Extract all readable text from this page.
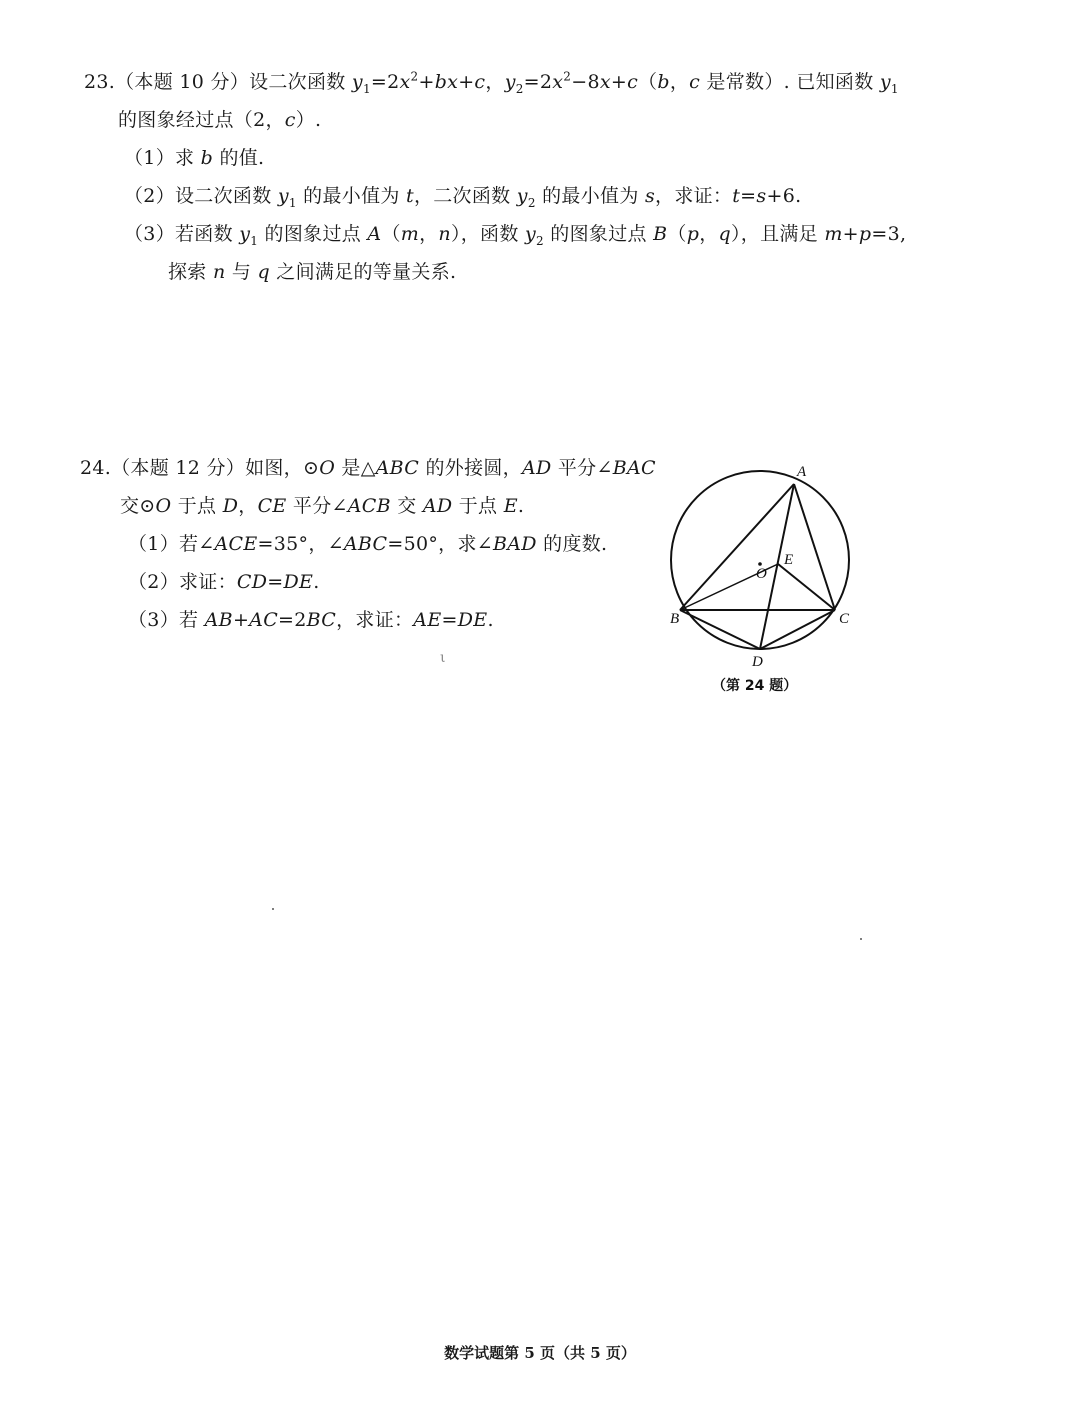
23.（本题 10 分）设二次函数 $y_1=2x^2+bx+c$，$y_2=2x^2-8x+c(b$，c 是常数）. 已知函数 $y_1$
的图象经过点（2，c）.
（1）求 b 的值.
（2）设二次函数 $y_1$ 的最小值为 t，二次函数 $y_2$ 的最小值为 s，求证：t=s+6.
（3）若函数 $y_1$ 的图象过点 A（m，n），函数 $y_2$ 的图象过点 B（p，q），且满足 m+p=3,
探索 n 与 q 之间满足的等量关系.
24.（本题 12 分）如图，⊙O 是△ABC 的外接圆，AD 平分∠BAC
交⊙O 于点 D，CE 平分∠ACB 交 AD 于点 E.
（1）若∠ACE=35°，∠ABC=50°，求∠BAD 的度数.
（2）求证：CD=DE.
（3）若 AB+AC=2BC，求证：AE=DE.
ι
A
B	C
D
E
O
（第 24 题）
数学试题第 5 页（共 5 页）
